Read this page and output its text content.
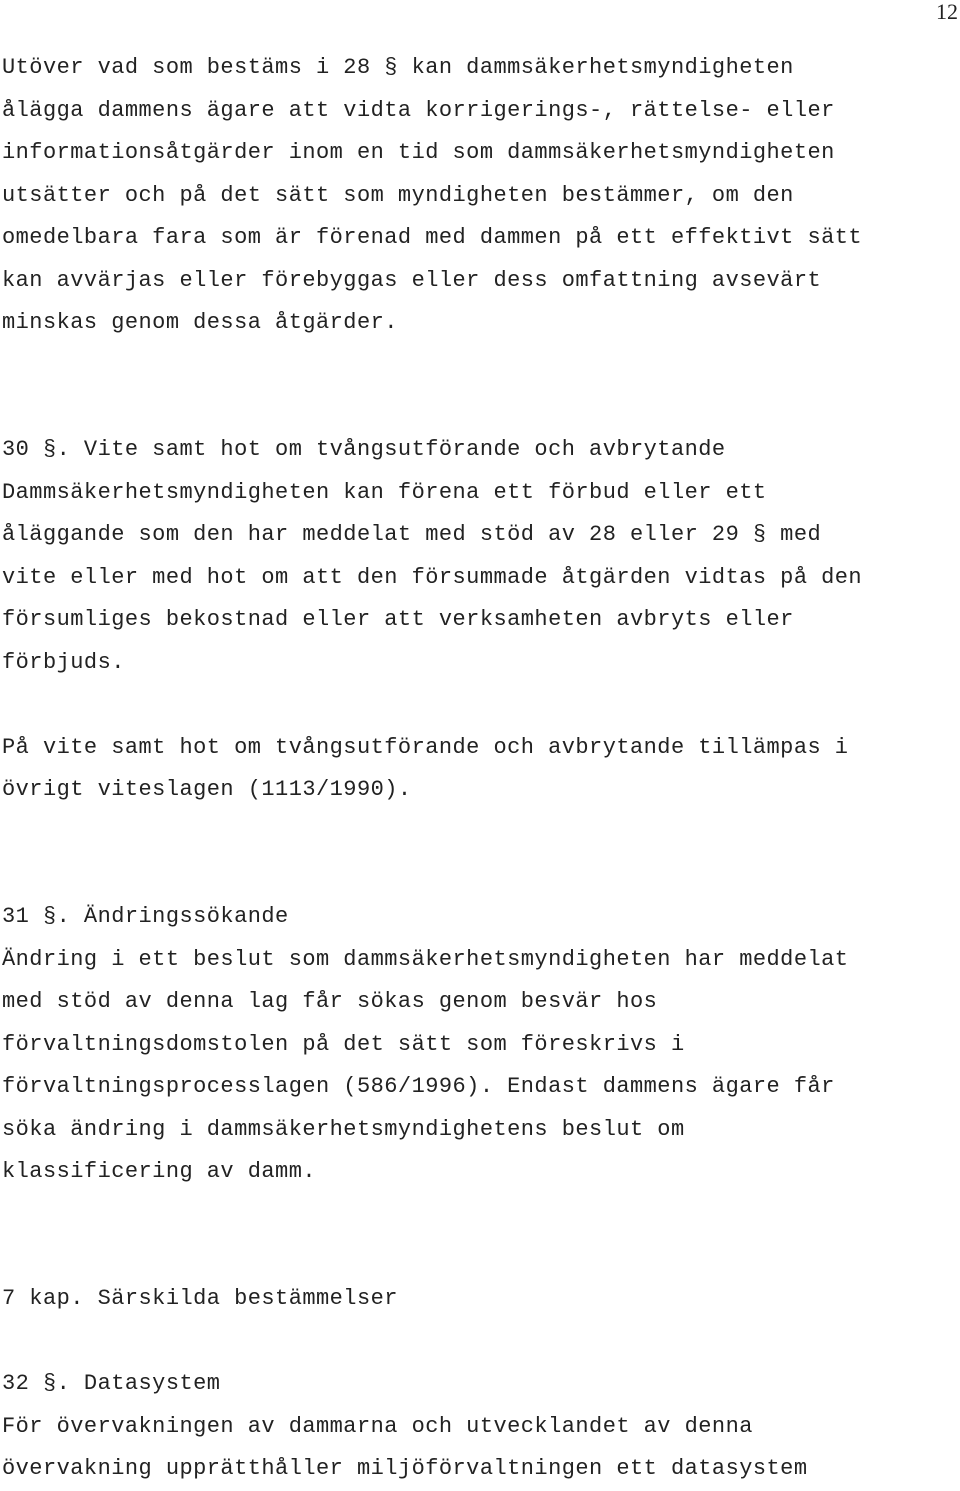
12
Utöver vad som bestäms i 28 § kan dammsäkerhetsmyndigheten
ålägga dammens ägare att vidta korrigerings-, rättelse- eller
informationsåtgärder inom en tid som dammsäkerhetsmyndigheten
utsätter och på det sätt som myndigheten bestämmer, om den
omedelbara fara som är förenad med dammen på ett effektivt sätt
kan avvärjas eller förebyggas eller dess omfattning avsevärt
minskas genom dessa åtgärder.
30 §. Vite samt hot om tvångsutförande och avbrytande
Dammsäkerhetsmyndigheten kan förena ett förbud eller ett
åläggande som den har meddelat med stöd av 28 eller 29 § med
vite eller med hot om att den försummade åtgärden vidtas på den
försumliges bekostnad eller att verksamheten avbryts eller
förbjuds.
På vite samt hot om tvångsutförande och avbrytande tillämpas i
övrigt viteslagen (1113/1990).
31 §. Ändringssökande
Ändring i ett beslut som dammsäkerhetsmyndigheten har meddelat
med stöd av denna lag får sökas genom besvär hos
förvaltningsdomstolen på det sätt som föreskrivs i
förvaltningsprocesslagen (586/1996). Endast dammens ägare får
söka ändring i dammsäkerhetsmyndighetens beslut om
klassificering av damm.
7 kap. Särskilda bestämmelser
32 §. Datasystem
För övervakningen av dammarna och utvecklandet av denna
övervakning upprätthåller miljöförvaltningen ett datasystem
